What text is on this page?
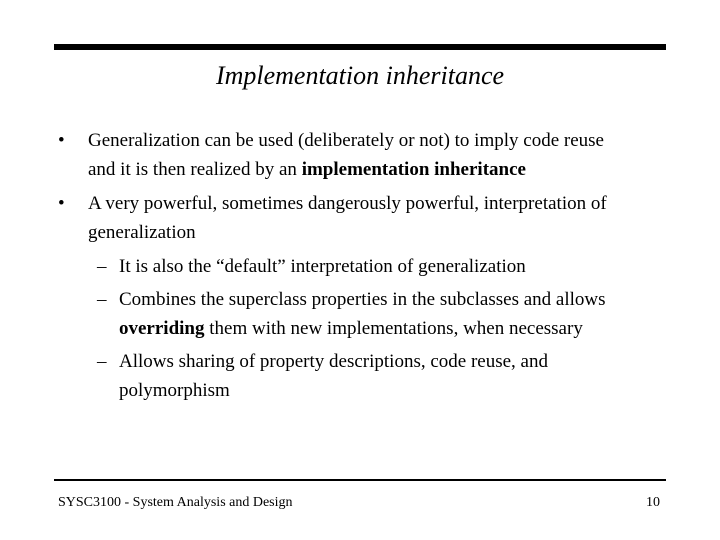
Implementation inheritance
• Generalization can be used (deliberately or not) to imply code reuse
and it is then realized by an implementation inheritance
• A very powerful, sometimes dangerously powerful, interpretation of
generalization
– It is also the “default” interpretation of generalization
– Combines the superclass properties in the subclasses and allows
overriding them with new implementations, when necessary
– Allows sharing of property descriptions, code reuse, and
polymorphism
SYSC3100 - System Analysis and Design	10
